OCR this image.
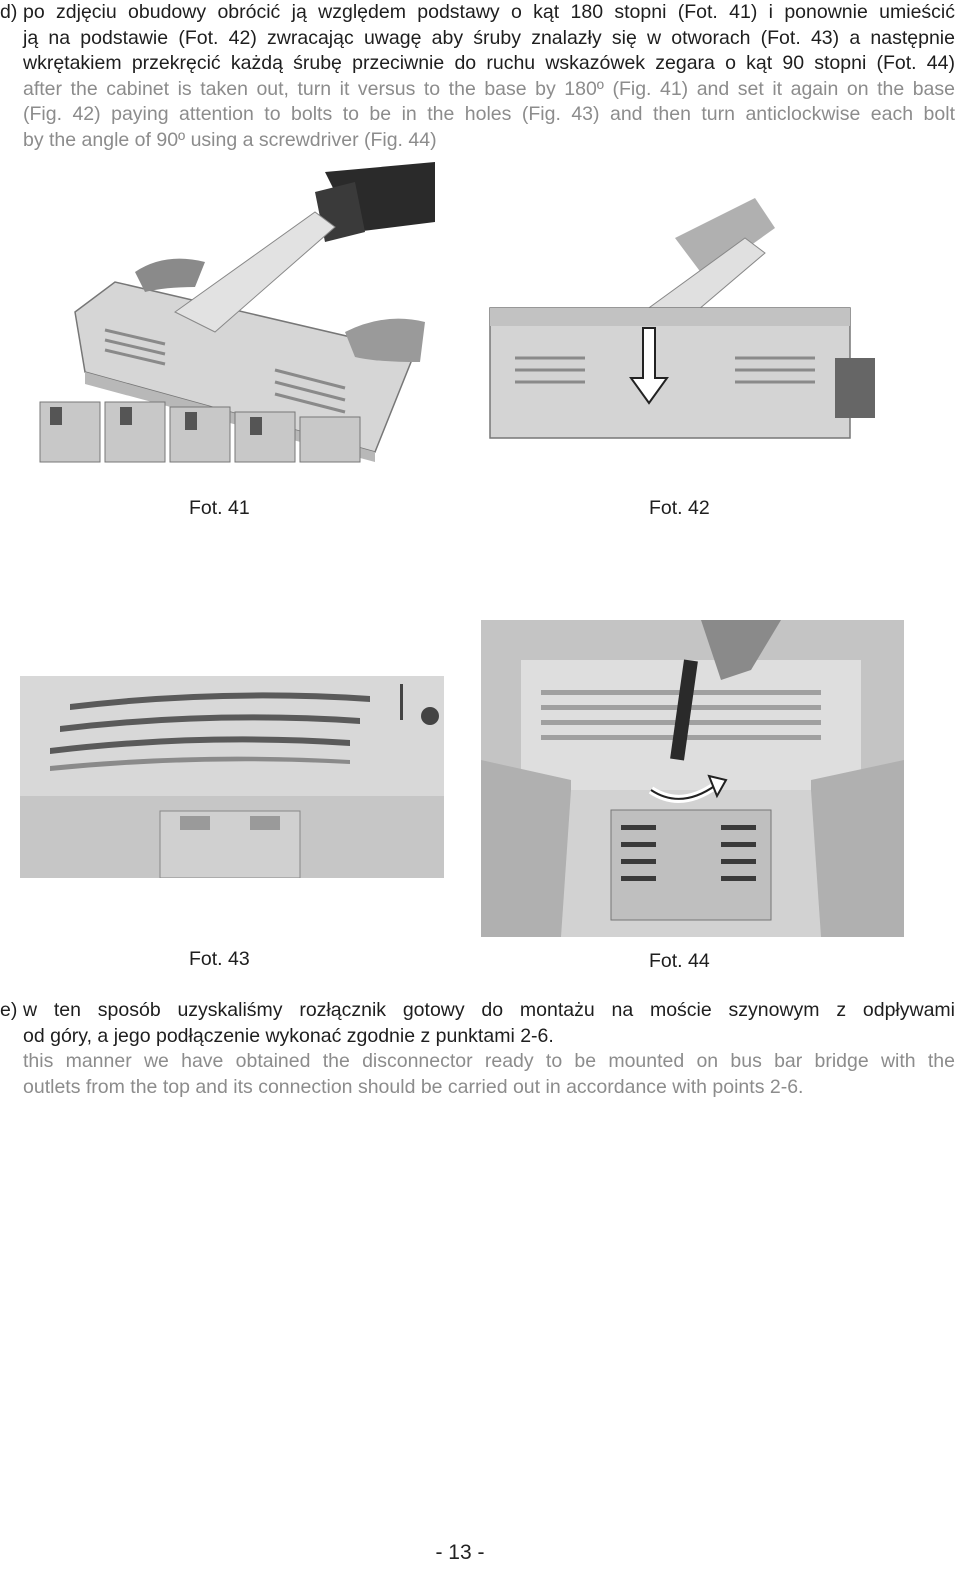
d) po zdjęciu obudowy obrócić ją względem podstawy o kąt 180 stopni (Fot. 41) i ponownie umieścić
ją na podstawie (Fot. 42) zwracając uwagę aby śruby znalazły się w otworach (Fot. 43) a następnie
wkrętakiem przekręcić każdą śrubę przeciwnie do ruchu wskazówek zegara o kąt 90 stopni (Fot. 44)
after the cabinet is taken out, turn it versus to the base by 180º (Fig. 41) and set it again on the base
(Fig. 42) paying attention to bolts to be in the holes (Fig. 43) and then turn anticlockwise each bolt
by the angle of 90º using a screwdriver (Fig. 44)
Fot. 41	Fot. 42
Fot. 43	Fot. 44
e) w ten sposób uzyskaliśmy rozłącznik gotowy do montażu na moście szynowym z odpływami
od góry, a jego podłączenie wykonać zgodnie z punktami 2-6.
this manner we have obtained the disconnector ready to be mounted on bus bar bridge with the
outlets from the top and its connection should be carried out in accordance with points 2-6.
- 13 -
